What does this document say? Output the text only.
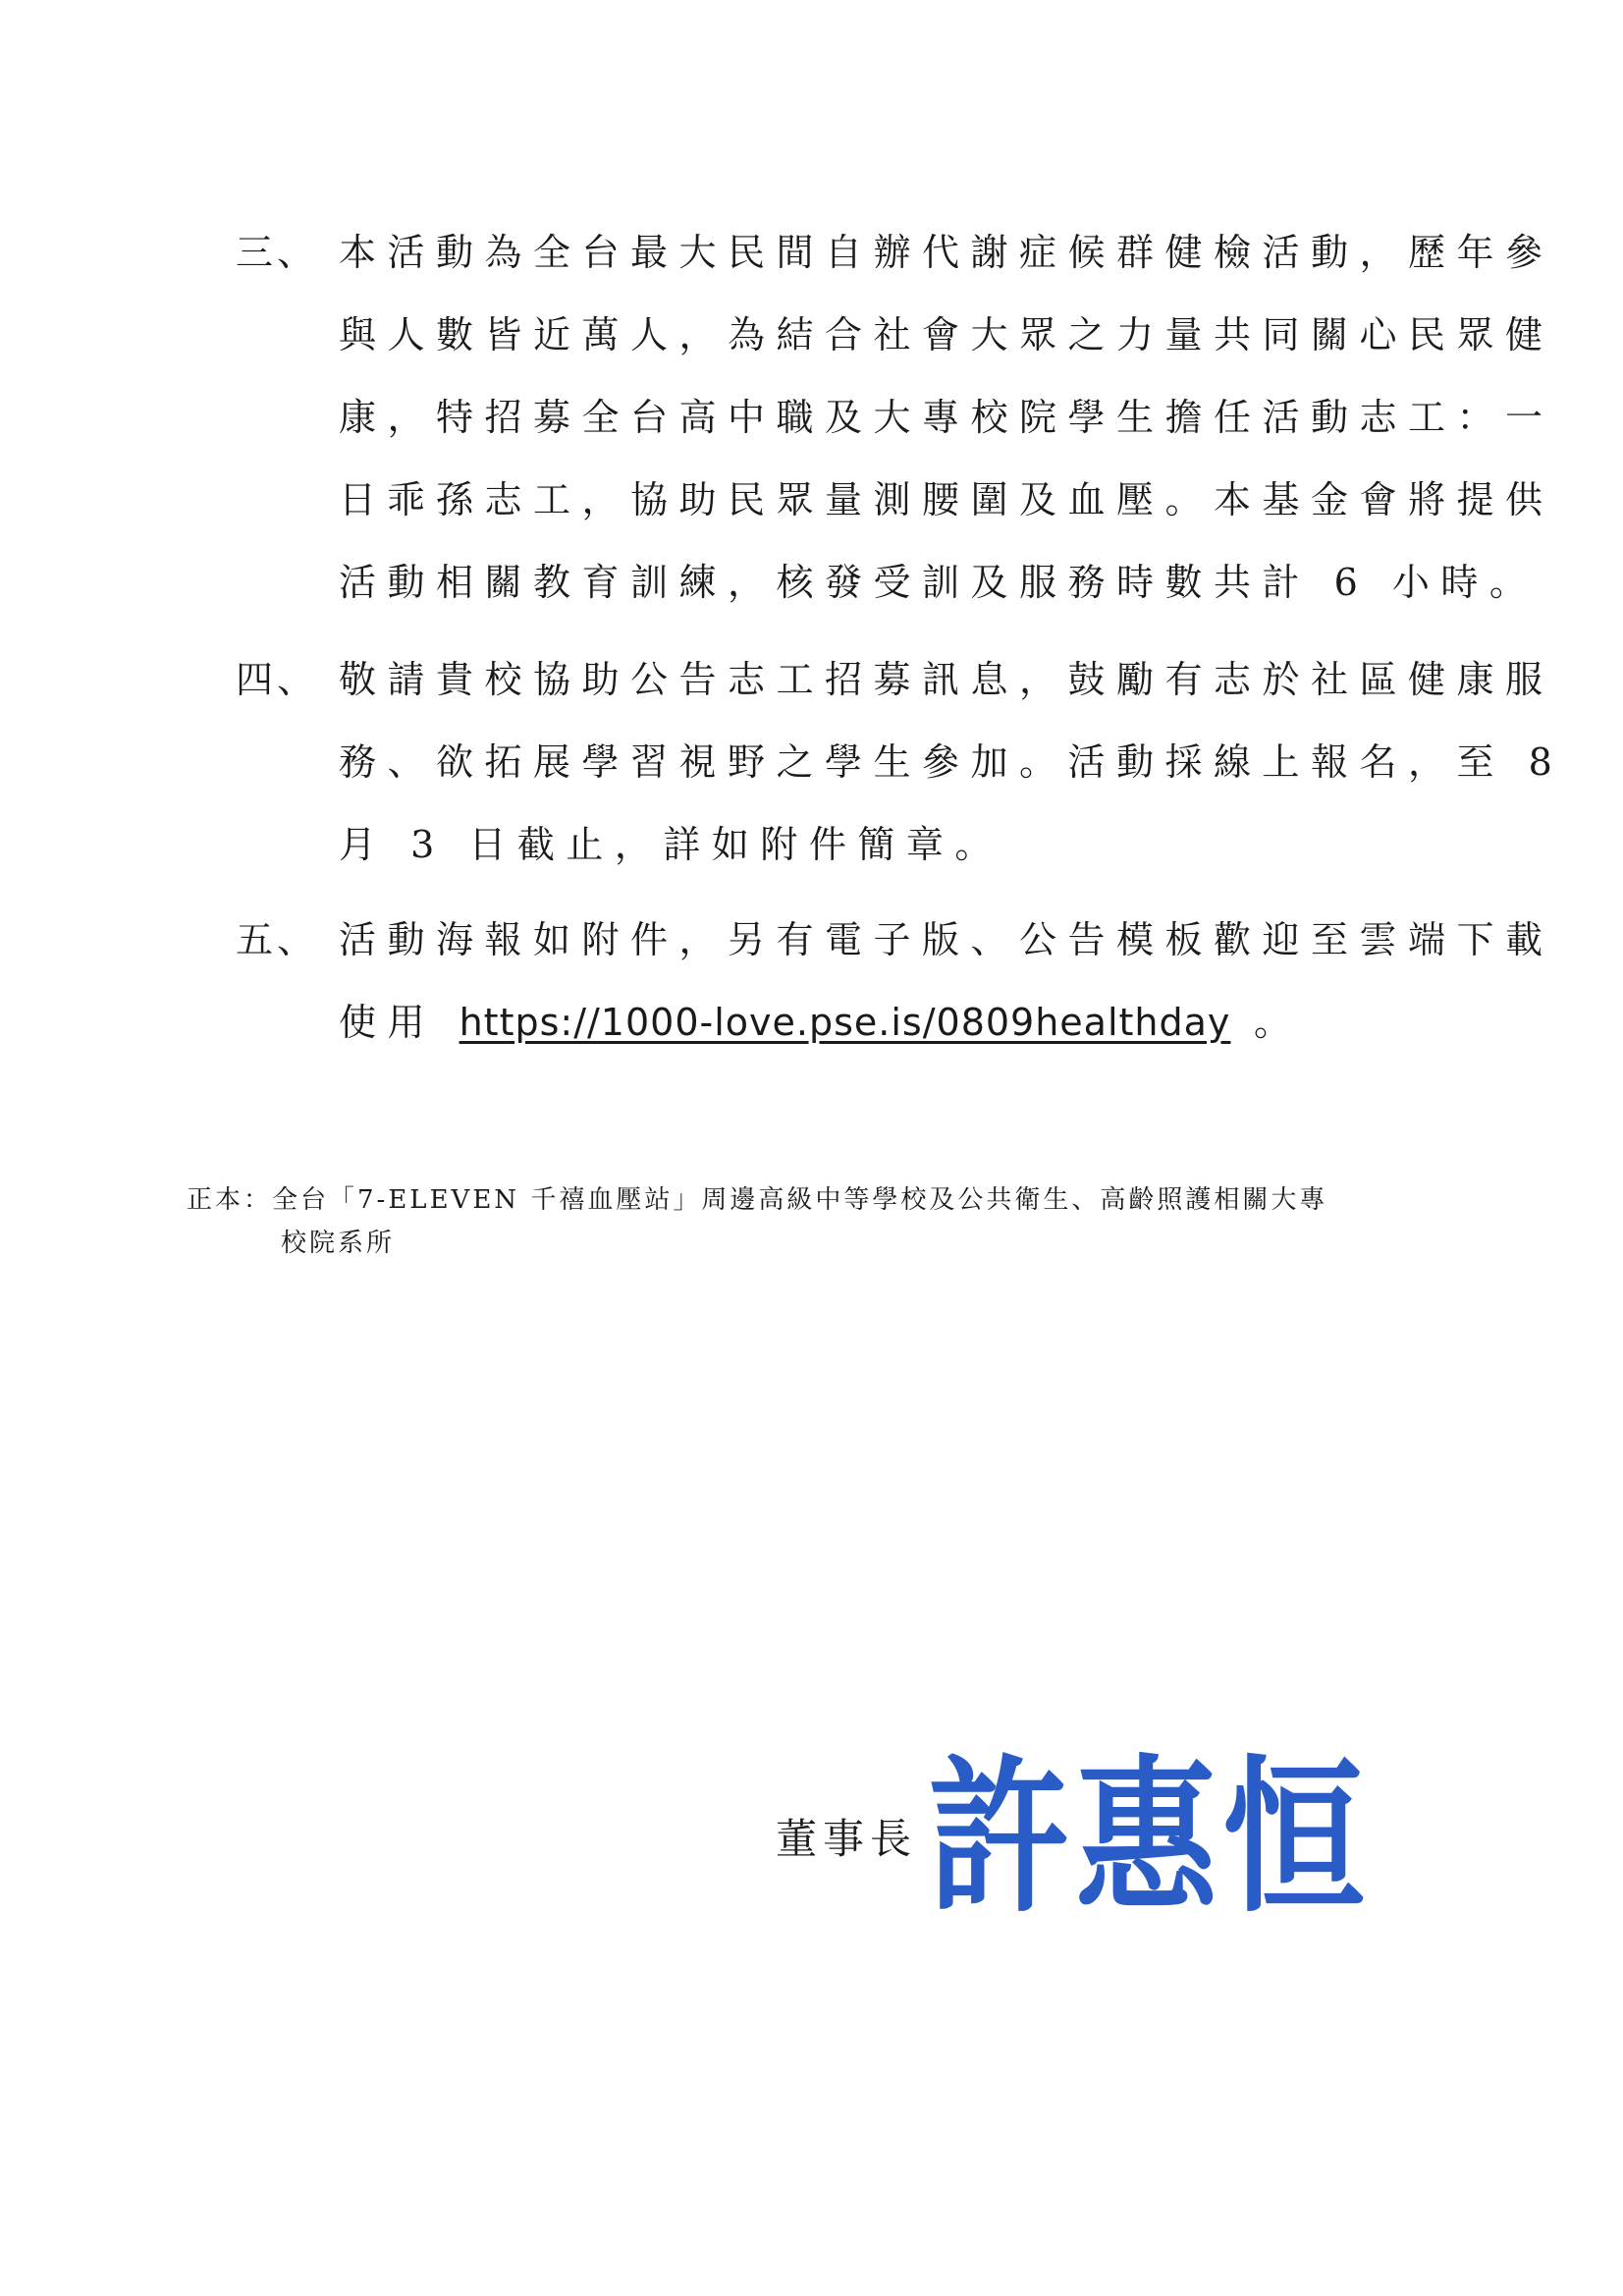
三、 本活動為全台最大民間自辦代謝症候群健檢活動，歷年參
與人數皆近萬人，為結合社會大眾之力量共同關心民眾健
康，特招募全台高中職及大專校院學生擔任活動志工：一
日乖孫志工，協助民眾量測腰圍及血壓。本基金會將提供
活動相關教育訓練，核發受訓及服務時數共計 6 小時。
四、 敬請貴校協助公告志工招募訊息，鼓勵有志於社區健康服
務、欲拓展學習視野之學生參加。活動採線上報名，至 8
月 3 日截止，詳如附件簡章。
五、 活動海報如附件，另有電子版、公告模板歡迎至雲端下載
使用 https://1000-love.pse.is/0809healthday 。
正本：全台「7-ELEVEN 千禧血壓站」周邊高級中等學校及公共衛生、高齡照護相關大專
校院系所
董事長 許惠恒
